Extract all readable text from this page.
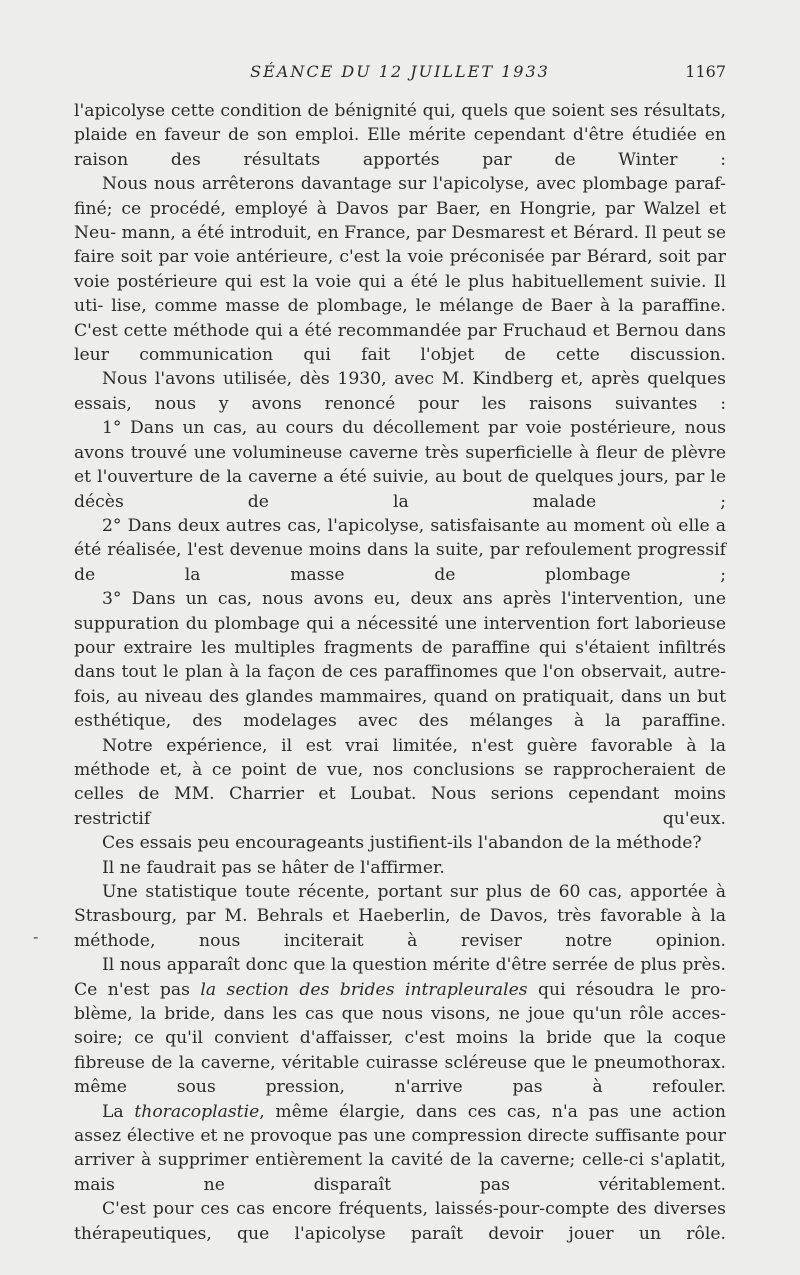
SÉANCE DU 12 JUILLET 1933	1167
-

l'apicolyse cette condition de bénignité qui, quels que soient ses résultats, plaide en faveur de son emploi. Elle mérite cependant d'être étudiée en raison des résultats apportés par de Winter :

Nous nous arrêterons davantage sur l'apicolyse, avec plombage paraf- finé; ce procédé, employé à Davos par Baer, en Hongrie, par Walzel et Neu- mann, a été introduit, en France, par Desmarest et Bérard. Il peut se faire soit par voie antérieure, c'est la voie préconisée par Bérard, soit par voie postérieure qui est la voie qui a été le plus habituellement suivie. Il uti- lise, comme masse de plombage, le mélange de Baer à la paraffine. C'est cette méthode qui a été recommandée par Fruchaud et Bernou dans leur communication qui fait l'objet de cette discussion.

Nous l'avons utilisée, dès 1930, avec M. Kindberg et, après quelques essais, nous y avons renoncé pour les raisons suivantes :

1° Dans un cas, au cours du décollement par voie postérieure, nous avons trouvé une volumineuse caverne très superficielle à fleur de plèvre et l'ouverture de la caverne a été suivie, au bout de quelques jours, par le décès de la malade ;

2° Dans deux autres cas, l'apicolyse, satisfaisante au moment où elle a été réalisée, l'est devenue moins dans la suite, par refoulement progressif de la masse de plombage ;

3° Dans un cas, nous avons eu, deux ans après l'intervention, une suppuration du plombage qui a nécessité une intervention fort laborieuse pour extraire les multiples fragments de paraffine qui s'étaient infiltrés dans tout le plan à la façon de ces paraffinomes que l'on observait, autre- fois, au niveau des glandes mammaires, quand on pratiquait, dans un but esthétique, des modelages avec des mélanges à la paraffine.

Notre expérience, il est vrai limitée, n'est guère favorable à la méthode et, à ce point de vue, nos conclusions se rapprocheraient de celles de MM. Charrier et Loubat. Nous serions cependant moins restrictif qu'eux.

Ces essais peu encourageants justifient-ils l'abandon de la méthode?

Il ne faudrait pas se hâter de l'affirmer.

Une statistique toute récente, portant sur plus de 60 cas, apportée à Strasbourg, par M. Behrals et Haeberlin, de Davos, très favorable à la méthode, nous inciterait à reviser notre opinion.

Il nous apparaît donc que la question mérite d'être serrée de plus près. Ce n'est pas la section des brides intrapleurales qui résoudra le pro- blème, la bride, dans les cas que nous visons, ne joue qu'un rôle acces- soire; ce qu'il convient d'affaisser, c'est moins la bride que la coque fibreuse de la caverne, véritable cuirasse scléreuse que le pneumothorax. même sous pression, n'arrive pas à refouler.

La thoracoplastie, même élargie, dans ces cas, n'a pas une action assez élective et ne provoque pas une compression directe suffisante pour arriver à supprimer entièrement la cavité de la caverne; celle-ci s'aplatit, mais ne	disparaît pas véritablement.

C'est pour ces cas encore fréquents, laissés-pour-compte des diverses thérapeutiques, que l'apicolyse paraît devoir jouer un rôle.
